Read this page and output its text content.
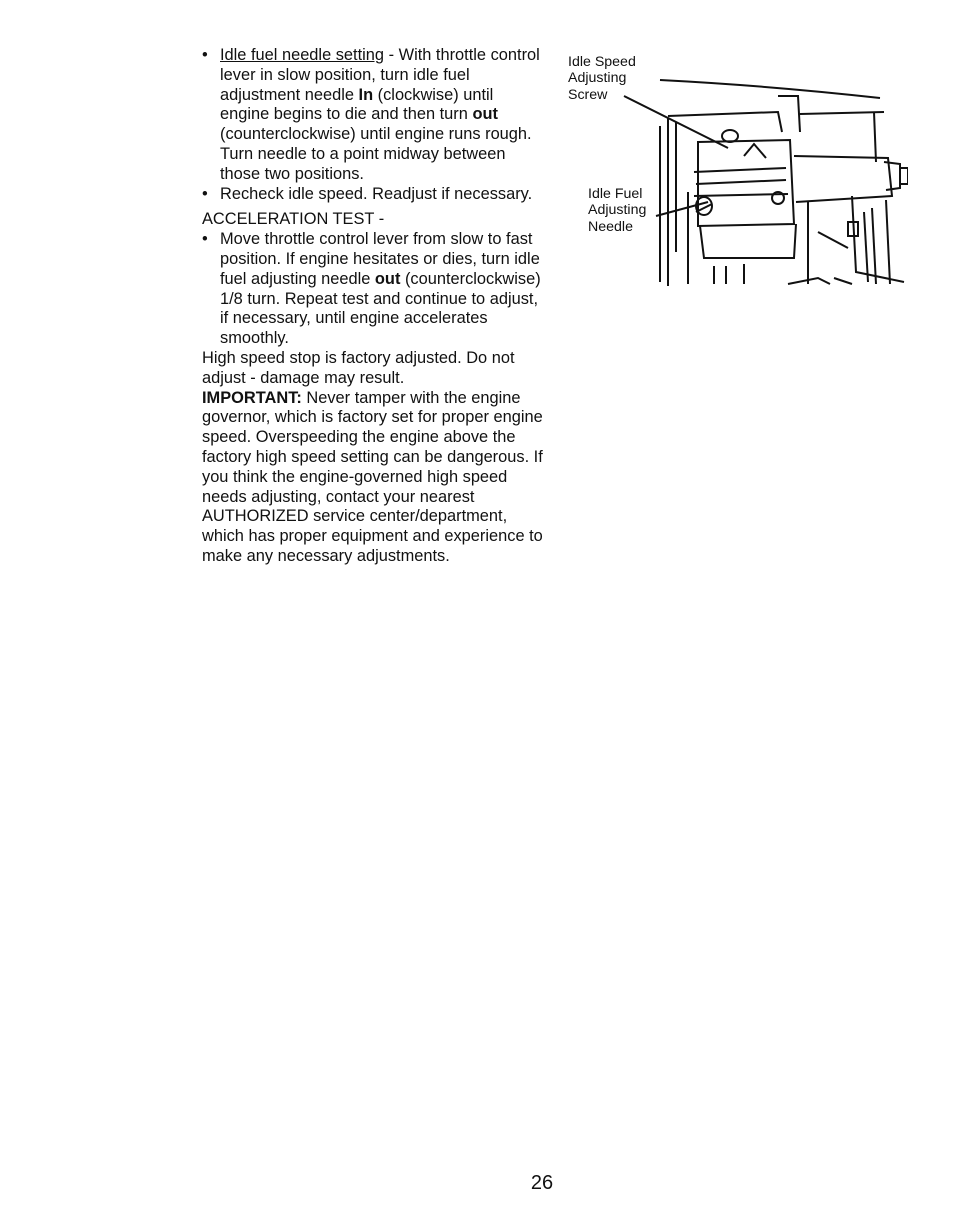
• Idle fuel needle setting - With throttle control lever in slow position, turn idle fuel adjustment needle In (clockwise) until engine begins to die and then turn out (counterclockwise) until engine runs rough. Turn needle to a point midway between those two positions.
• Recheck idle speed. Readjust if necessary.
ACCELERATION TEST -
• Move throttle control lever from slow to fast position. If engine hesitates or dies, turn idle fuel adjusting needle out (counterclockwise) 1/8 turn. Repeat test and continue to adjust, if necessary, until engine accelerates smoothly.
High speed stop is factory adjusted. Do not adjust - damage may result.
IMPORTANT: Never tamper with the engine governor, which is factory set for proper engine speed. Overspeeding the engine above the factory high speed setting can be dangerous. If you think the engine-governed high speed needs adjusting, contact your nearest AUTHORIZED service center/department, which has proper equipment and experience to make any necessary adjustments.
Idle Speed
Adjusting
Screw
Idle Fuel
Adjusting
Needle
26
